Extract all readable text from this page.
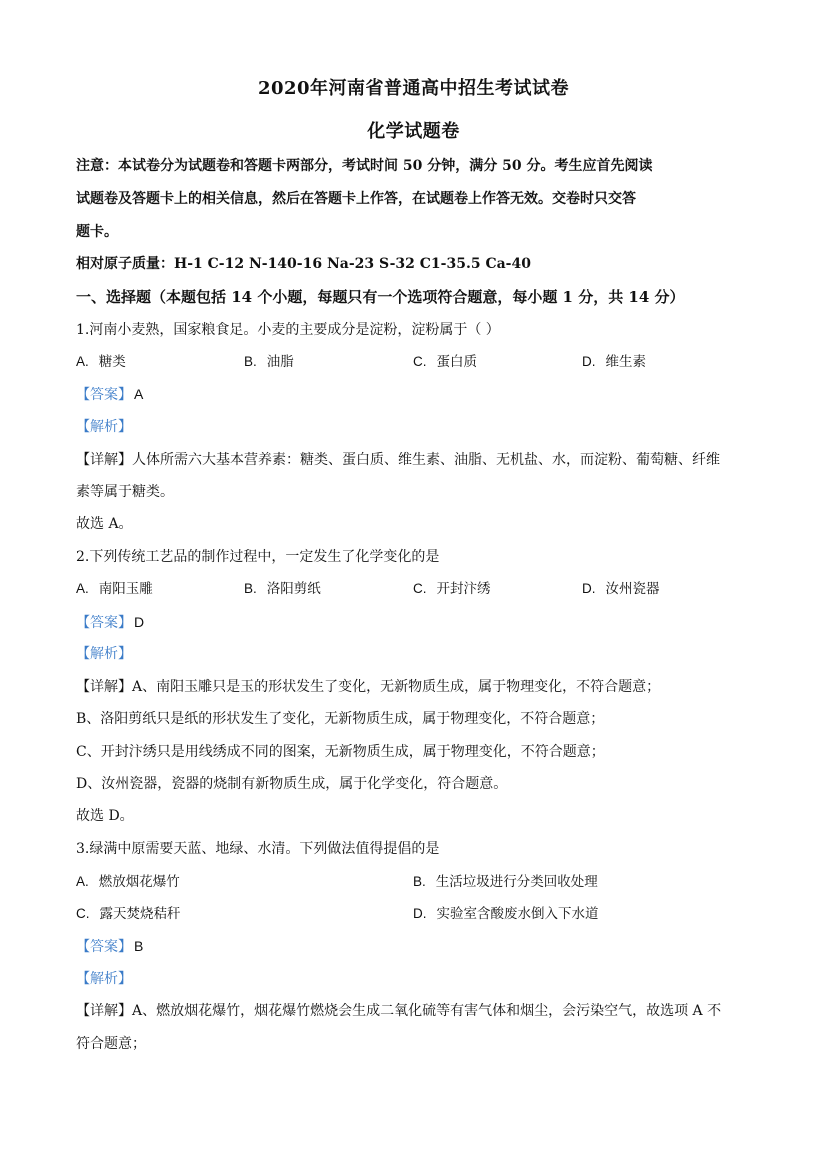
2020年河南省普通高中招生考试试卷
化学试题卷
注意：本试卷分为试题卷和答题卡两部分，考试时间 50 分钟，满分 50 分。考生应首先阅读
试题卷及答题卡上的相关信息，然后在答题卡上作答，在试题卷上作答无效。交卷时只交答
题卡。
相对原子质量：H-1 C-12 N-140-16 Na-23 S-32 C1-35.5 Ca-40
一、选择题（本题包括 14 个小题，每题只有一个选项符合题意，每小题 1 分，共 14 分）
1.河南小麦熟，国家粮食足。小麦的主要成分是淀粉，淀粉属于（ ）
A. 糖类	B. 油脂	C. 蛋白质	D. 维生素
【答案】 A
【解析】
【详解】人体所需六大基本营养素：糖类、蛋白质、维生素、油脂、无机盐、水，而淀粉、葡萄糖、纤维
素等属于糖类。
故选 A。
2.下列传统工艺品的制作过程中，一定发生了化学变化的是
A. 南阳玉雕	B. 洛阳剪纸	C. 开封汴绣	D. 汝州瓷器
【答案】 D
【解析】
【详解】A、南阳玉雕只是玉的形状发生了变化，无新物质生成，属于物理变化，不符合题意；
B、洛阳剪纸只是纸的形状发生了变化，无新物质生成，属于物理变化，不符合题意；
C、开封汴绣只是用线绣成不同的图案，无新物质生成，属于物理变化，不符合题意；
D、汝州瓷器，瓷器的烧制有新物质生成，属于化学变化，符合题意。
故选 D。
3.绿满中原需要天蓝、地绿、水清。下列做法值得提倡的是
A. 燃放烟花爆竹	B. 生活垃圾进行分类回收处理
C. 露天焚烧秸秆	D. 实验室含酸废水倒入下水道
【答案】 B
【解析】
【详解】A、燃放烟花爆竹，烟花爆竹燃烧会生成二氧化硫等有害气体和烟尘，会污染空气，故选项 A 不
符合题意；
